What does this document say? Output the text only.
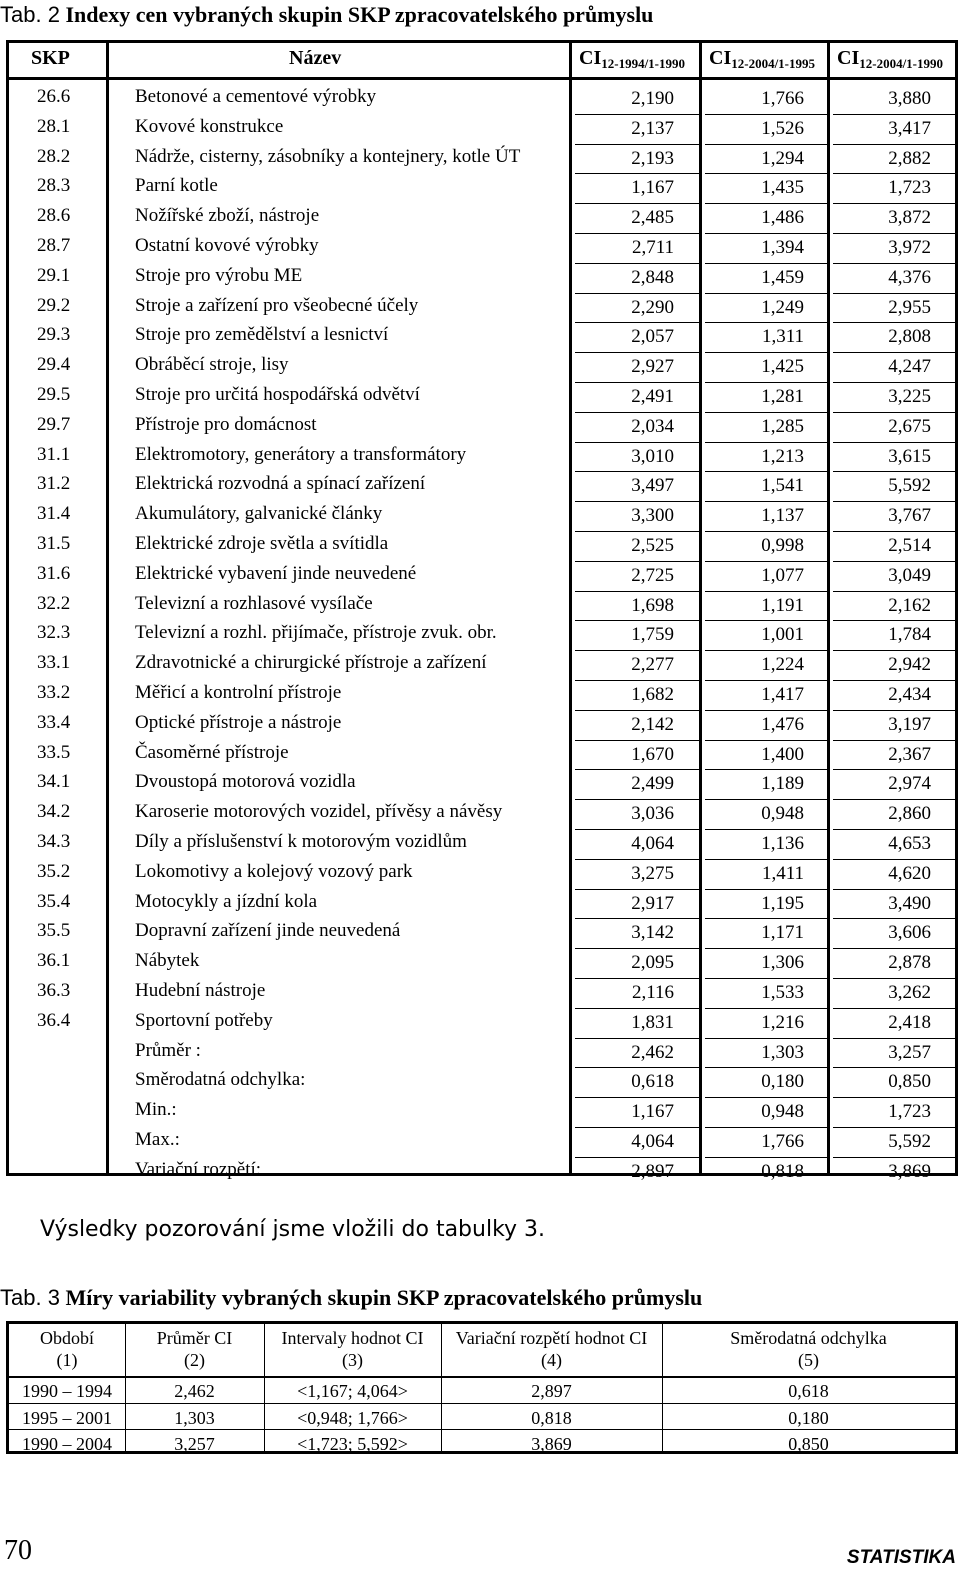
Tab. 2 Indexy cen vybraných skupin SKP zpracovatelského průmyslu
SKP	Název	$CI_{12-1994/1-1990}$ $CI_{12-2004/1-1995}$ $CI_{12-2004/1-1990}$
26.6	Betonové a cementové výrobky	2,190	1,766	3,880
28.1	Kovové konstrukce	2,137	1,526	3,417
28.2	Nádrže, cisterny, zásobníky a kontejnery, kotle ÚT	2,193	1,294	2,882
28.3	Parní kotle	1,167	1,435	1,723
28.6	Nožířské zboží, nástroje	2,485	1,486	3,872
28.7	Ostatní kovové výrobky	2,711	1,394	3,972
29.1	Stroje pro výrobu ME	2,848	1,459	4,376
29.2	Stroje a zařízení pro všeobecné účely	2,290	1,249	2,955
29.3	Stroje pro zemědělství a lesnictví	2,057	1,311	2,808
29.4	Obráběcí stroje, lisy	2,927	1,425	4,247
29.5	Stroje pro určitá hospodářská odvětví	2,491	1,281	3,225
29.7	Přístroje pro domácnost	2,034	1,285	2,675
31.1	Elektromotory, generátory a transformátory	3,010	1,213	3,615
31.2	Elektrická rozvodná a spínací zařízení	3,497	1,541	5,592
31.4	Akumulátory, galvanické články	3,300	1,137	3,767
31.5	Elektrické zdroje světla a svítidla	2,525	0,998	2,514
31.6	Elektrické vybavení jinde neuvedené	2,725	1,077	3,049
32.2	Televizní a rozhlasové vysílače	1,698	1,191	2,162
32.3	Televizní a rozhl. přijímače, přístroje zvuk. obr.	1,759	1,001	1,784
33.1	Zdravotnické a chirurgické přístroje a zařízení	2,277	1,224	2,942
33.2	Měřicí a kontrolní přístroje	1,682	1,417	2,434
33.4	Optické přístroje a nástroje	2,142	1,476	3,197
33.5	Časoměrné přístroje	1,670	1,400	2,367
34.1	Dvoustopá motorová vozidla	2,499	1,189	2,974
34.2	Karoserie motorových vozidel, přívěsy a návěsy	3,036	0,948	2,860
34.3	Díly a příslušenství k motorovým vozidlům	4,064	1,136	4,653
35.2	Lokomotivy a kolejový vozový park	3,275	1,411	4,620
35.4	Motocykly a jízdní kola	2,917	1,195	3,490
35.5	Dopravní zařízení jinde neuvedená	3,142	1,171	3,606
36.1	Nábytek	2,095	1,306	2,878
36.3	Hudební nástroje	2,116	1,533	3,262
36.4	Sportovní potřeby	1,831	1,216	2,418
Průměr :	2,462	1,303	3,257
Směrodatná odchylka:	0,618	0,180	0,850
Min.:	1,167	0,948	1,723
Max.:	4,064	1,766	5,592
Variační rozpětí:	2,897	0,818	3,869
Výsledky pozorování jsme vložili do tabulky 3.
Tab. 3 Míry variability vybraných skupin SKP zpracovatelského průmyslu
Období
(1)
Průměr CI
(2)
Intervaly hodnot CI
(3)
Variační rozpětí hodnot CI
(4)
Směrodatná odchylka
(5)
1990 – 1994	2,462	<1,167; 4,064>	2,897	0,618
1995 – 2001	1,303	<0,948; 1,766>	0,818	0,180
1990 – 2004	3,257	<1,723; 5,592>	3,869	0,850
70	STATISTIKA
